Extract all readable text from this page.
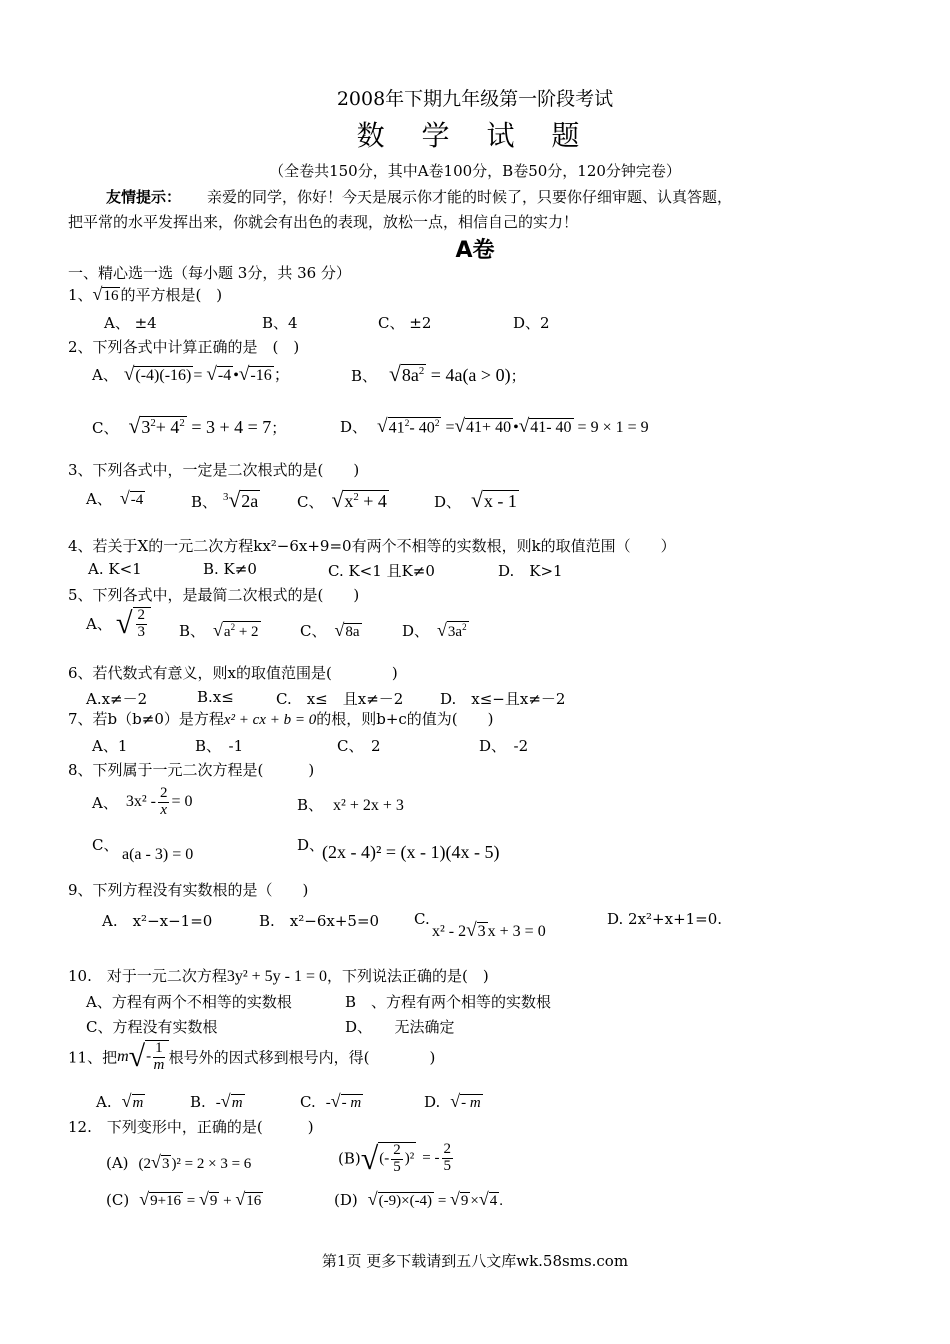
2008年下期九年级第一阶段考试
数 学 试 题
（全卷共150分，其中A卷100分，B卷50分，120分钟完卷）
友情提示： 亲爱的同学，你好！今天是展示你才能的时候了，只要你仔细审题、认真答题，
把平常的水平发挥出来，你就会有出色的表现，放松一点，相信自己的实力！
A卷
一、精心选一选（每小题 3分，共 36 分）
1、√16 的平方根是(　)
A、 ±4	B、4	C、 ±2	D、2
2、下列各式中计算正确的是　(　)
A、 √(-4)(-16) = √-4 •√-16 ；	B、 $√8a^2 = 4a(a > 0)$；
C、 $√3^2+ 4^2 = 3 + 4 = 7$；	D、 $√41^2-$ $40^2 =√41+ 40$ •√41- 40 = 9 × 1 = 9
3、下列各式中，一定是二次根式的是(　　)
A、 √-4	B、 $^3$√2a	C、 $√x^2 + 4$	D、 √x - 1
4、若关于X的一元二次方程kx²−6x+9=0有两个不相等的实数根，则k的取值范围（　　）
A. K<1	B. K≠0	C. K<1 且K≠0	D.　K>1
5、下列各式中，是最简二次根式的是(　　)
A、 √ $\frac{2}{3}$ B、 $√a^2 + 2$	C、 √8a	D、 $√3a^2$
6、若代数式有意义，则x的取值范围是(　　　　)
A.x≠－2	B.x≤	C.　x≤　且x≠－2 D.　x≤−且x≠－2
7、若b（b≠0）是方程x² + cx + b = 0的根，则b+c的值为(　　)
A、1	B、　-1	C、　2	D、　-2
8、下列属于一元二次方程是(　　　)
A、 $3x^2 - \frac{2}{x} = 0$	B、 x² + 2x + 3
C、
a(a - 3) = 0
D、
(2x - 4)² = (x - 1)(4x - 5)
9、下列方程没有实数根的是（　　)
A.　x²−x−1=0	B.　x²−6x+5=0 C.
x² - 2√3 x + 3 = 0
D. 2x²+x+1=0.
10.　对于一元二次方程3y² + 5y - 1 = 0，下列说法正确的是(　)
A、方程有两个不相等的实数根	B　、方程有两个相等的实数根
C、方程没有实数根	D、　　无法确定
11、把$m√- \frac{1}{m}$ 根号外的因式移到根号内，得(　　　　)
A. √m	B. -√m	C. -√- m	D. √- m
12.　下列变形中，正确的是(　　　)
(A) (2√3 )² = 2 × 3 = 6	$(B)√(- \frac{2}{5} )^2$ = - $\frac{2}{5}$
(C) √9+16 = √9 + √16	(D) √(-9)×(-4) = √9 ×√4 .
第1页 更多下载请到五八文库wk.58sms.com
